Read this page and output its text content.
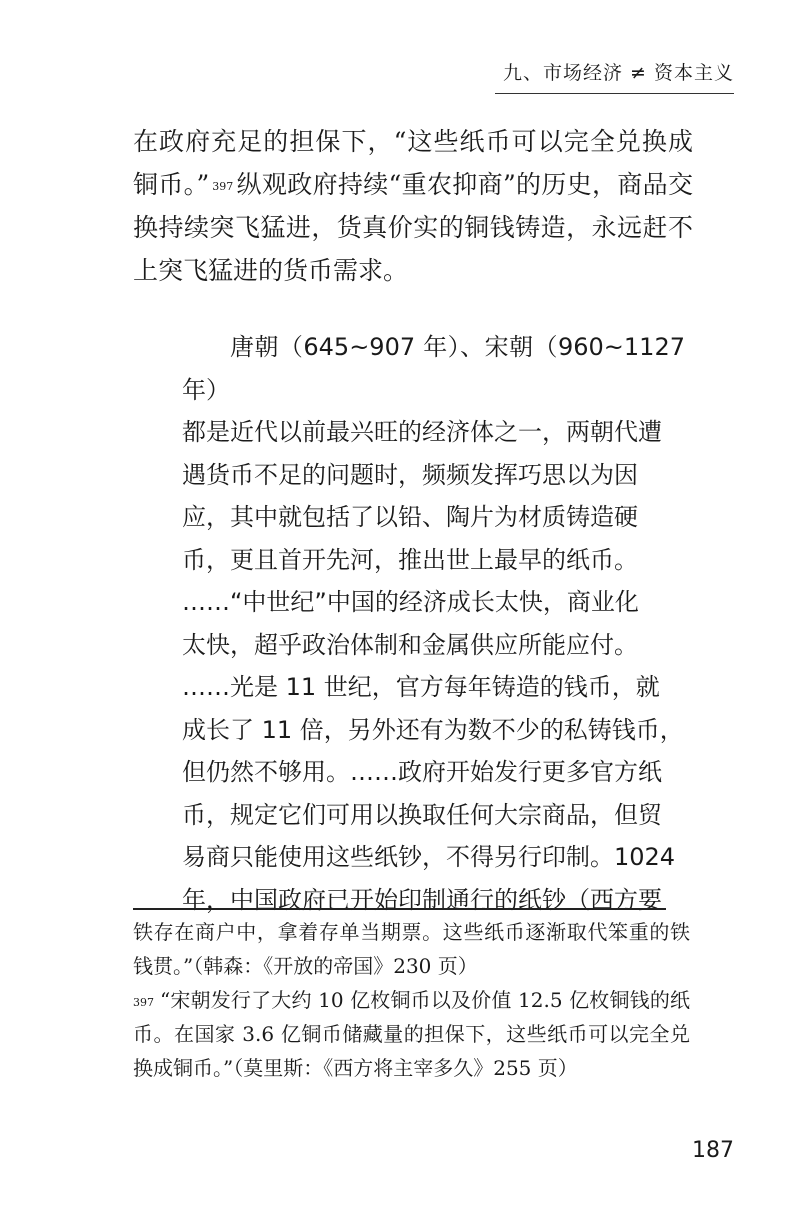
九、市场经济 ≠ 资本主义

在政府充足的担保下，“这些纸币可以完全兑换成铜币。” $^{397}$ 纵观政府持续“重农抑商”的历史，商品交换持续突飞猛进，货真价实的铜钱铸造，永远赶不上突飞猛进的货币需求。

唐朝（645~907 年）、宋朝（960~1127 年）
都是近代以前最兴旺的经济体之一，两朝代遭
遇货币不足的问题时，频频发挥巧思以为因
应，其中就包括了以铅、陶片为材质铸造硬
币，更且首开先河，推出世上最早的纸币。
……“中世纪”中国的经济成长太快，商业化
太快，超乎政治体制和金属供应所能应付。
……光是 11 世纪，官方每年铸造的钱币，就
成长了 11 倍，另外还有为数不少的私铸钱币，
但仍然不够用。……政府开始发行更多官方纸
币，规定它们可用以换取任何大宗商品，但贸
易商只能使用这些纸钞，不得另行印制。1024
年，中国政府已开始印制通行的纸钞（西方要

铁存在商户中，拿着存单当期票。这些纸币逐渐取代笨重的铁钱贯。”（韩森：《开放的帝国》230 页）

$^{397}$ “宋朝发行了大约 10 亿枚铜币以及价值 12.5 亿枚铜钱的纸币。在国家 3.6 亿铜币储藏量的担保下，这些纸币可以完全兑换成铜币。”（莫里斯：《西方将主宰多久》255 页）

187
